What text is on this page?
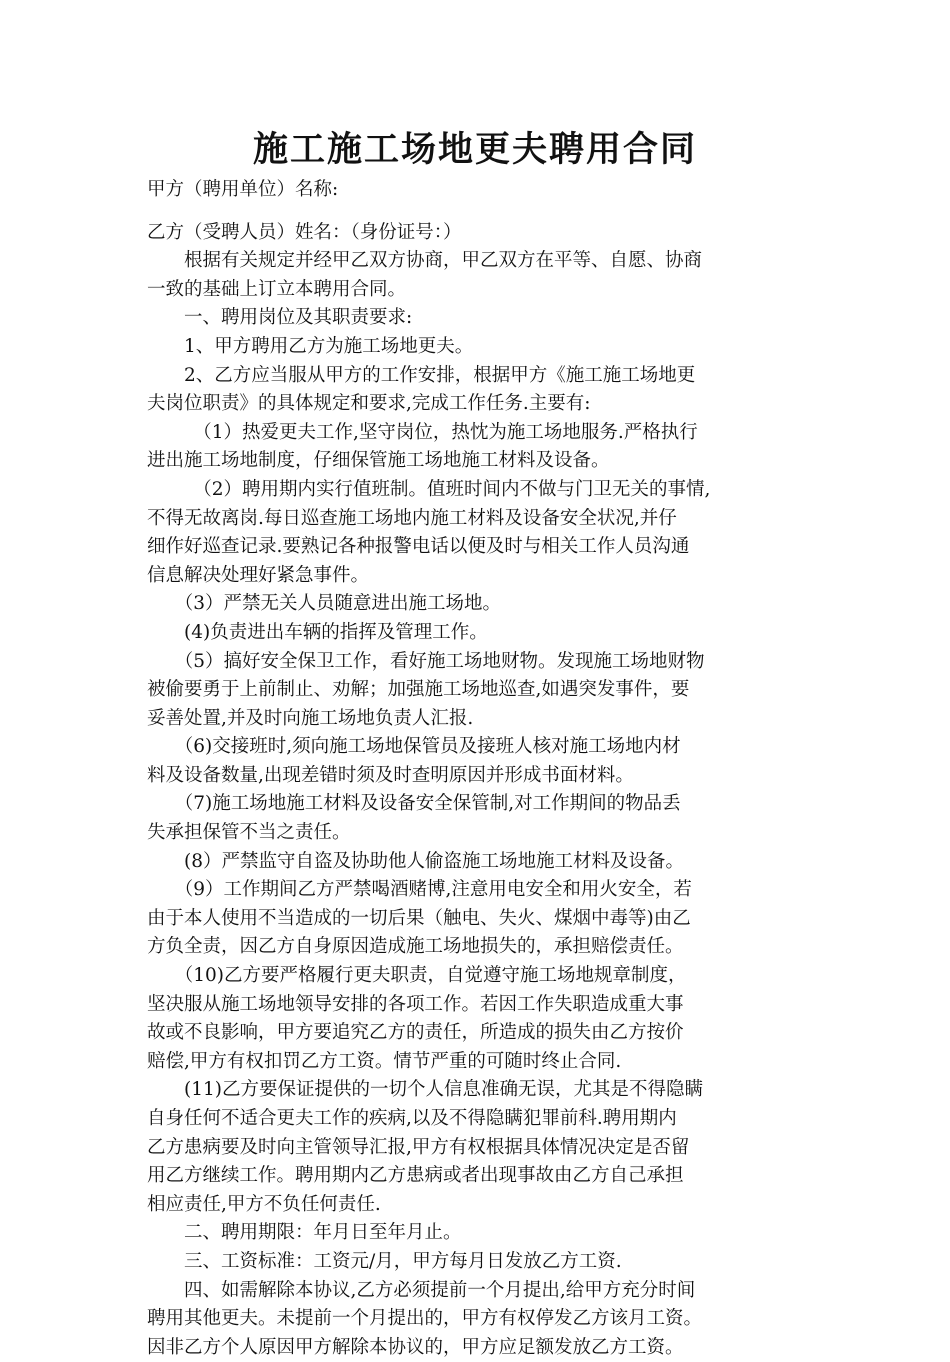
施工施工场地更夫聘用合同

甲方（聘用单位）名称:

乙方（受聘人员）姓名：（身份证号：）

　　根据有关规定并经甲乙双方协商，甲乙双方在平等、自愿、协商

一致的基础上订立本聘用合同。

　　一、聘用岗位及其职责要求:

　　1、甲方聘用乙方为施工场地更夫。

　　2、乙方应当服从甲方的工作安排，根据甲方《施工施工场地更

夫岗位职责》的具体规定和要求,完成工作任务.主要有:

　　　（1）热爱更夫工作,坚守岗位，热忱为施工场地服务.严格执行

进出施工场地制度，仔细保管施工场地施工材料及设备。

　　　（2）聘用期内实行值班制。值班时间内不做与门卫无关的事情,

不得无故离岗.每日巡查施工场地内施工材料及设备安全状况,并仔

细作好巡查记录.要熟记各种报警电话以便及时与相关工作人员沟通

信息解决处理好紧急事件。

　　（3）严禁无关人员随意进出施工场地。

　　(4)负责进出车辆的指挥及管理工作。

　　（5）搞好安全保卫工作，看好施工场地财物。发现施工场地财物

被偷要勇于上前制止、劝解；加强施工场地巡查,如遇突发事件，要

妥善处置,并及时向施工场地负责人汇报.

　　（6)交接班时,须向施工场地保管员及接班人核对施工场地内材

料及设备数量,出现差错时须及时查明原因并形成书面材料。

　　（7)施工场地施工材料及设备安全保管制,对工作期间的物品丢

失承担保管不当之责任。

　　(8）严禁监守自盗及协助他人偷盗施工场地施工材料及设备。

　　（9）工作期间乙方严禁喝酒赌博,注意用电安全和用火安全，若

由于本人使用不当造成的一切后果（触电、失火、煤烟中毒等)由乙

方负全责，因乙方自身原因造成施工场地损失的，承担赔偿责任。

　　（10)乙方要严格履行更夫职责，自觉遵守施工场地规章制度，

坚决服从施工场地领导安排的各项工作。若因工作失职造成重大事

故或不良影响，甲方要追究乙方的责任，所造成的损失由乙方按价

赔偿,甲方有权扣罚乙方工资。情节严重的可随时终止合同.

　　(11)乙方要保证提供的一切个人信息准确无误，尤其是不得隐瞒

自身任何不适合更夫工作的疾病,以及不得隐瞒犯罪前科.聘用期内

乙方患病要及时向主管领导汇报,甲方有权根据具体情况决定是否留

用乙方继续工作。聘用期内乙方患病或者出现事故由乙方自己承担

相应责任,甲方不负任何责任.

　　二、聘用期限：年月日至年月止。

　　三、工资标准：工资元/月，甲方每月日发放乙方工资.

　　四、如需解除本协议,乙方必须提前一个月提出,给甲方充分时间

聘用其他更夫。未提前一个月提出的，甲方有权停发乙方该月工资。

因非乙方个人原因甲方解除本协议的，甲方应足额发放乙方工资。
